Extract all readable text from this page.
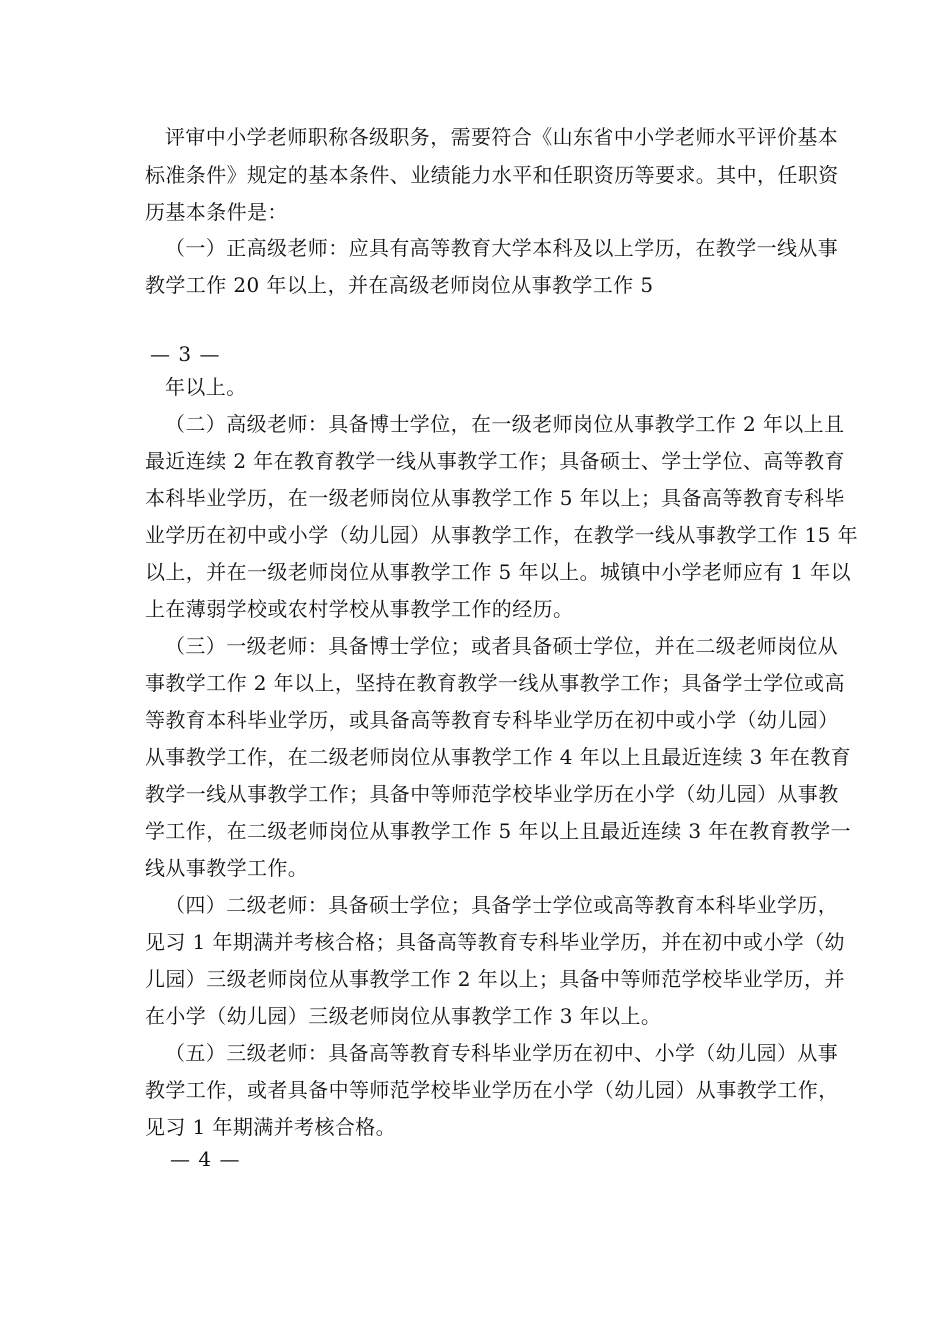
评审中小学老师职称各级职务，需要符合《山东省中小学老师水平评价基本
标准条件》规定的基本条件、业绩能力水平和任职资历等要求。其中，任职资
历基本条件是：
（一）正高级老师：应具有高等教育大学本科及以上学历，在教学一线从事
教学工作 20 年以上，并在高级老师岗位从事教学工作 5
— 3 —
年以上。
（二）高级老师：具备博士学位，在一级老师岗位从事教学工作 2 年以上且
最近连续 2 年在教育教学一线从事教学工作；具备硕士、学士学位、高等教育
本科毕业学历，在一级老师岗位从事教学工作 5 年以上；具备高等教育专科毕
业学历在初中或小学（幼儿园）从事教学工作，在教学一线从事教学工作 15 年
以上，并在一级老师岗位从事教学工作 5 年以上。城镇中小学老师应有 1 年以
上在薄弱学校或农村学校从事教学工作的经历。
（三）一级老师：具备博士学位；或者具备硕士学位，并在二级老师岗位从
事教学工作 2 年以上，坚持在教育教学一线从事教学工作；具备学士学位或高
等教育本科毕业学历，或具备高等教育专科毕业学历在初中或小学（幼儿园）
从事教学工作，在二级老师岗位从事教学工作 4 年以上且最近连续 3 年在教育
教学一线从事教学工作；具备中等师范学校毕业学历在小学（幼儿园）从事教
学工作，在二级老师岗位从事教学工作 5 年以上且最近连续 3 年在教育教学一
线从事教学工作。
（四）二级老师：具备硕士学位；具备学士学位或高等教育本科毕业学历，
见习 1 年期满并考核合格；具备高等教育专科毕业学历，并在初中或小学（幼
儿园）三级老师岗位从事教学工作 2 年以上；具备中等师范学校毕业学历，并
在小学（幼儿园）三级老师岗位从事教学工作 3 年以上。
（五）三级老师：具备高等教育专科毕业学历在初中、小学（幼儿园）从事
教学工作，或者具备中等师范学校毕业学历在小学（幼儿园）从事教学工作，
见习 1 年期满并考核合格。
— 4 —
